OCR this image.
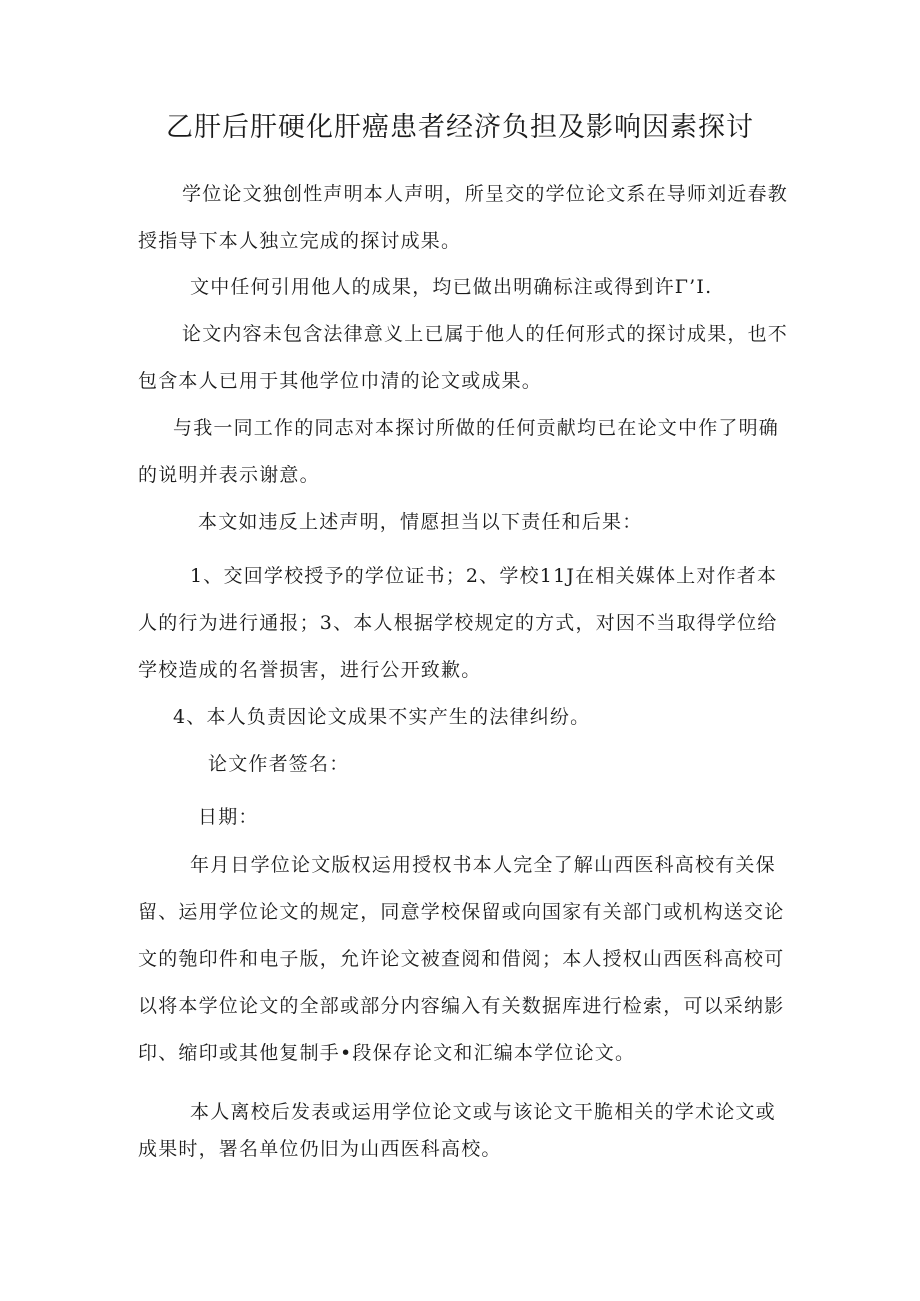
乙肝后肝硬化肝癌患者经济负担及影响因素探讨

学位论文独创性声明本人声明，所呈交的学位论文系在导师刘近春教授指导下本人独立完成的探讨成果。

文中任何引用他人的成果，均已做出明确标注或得到许Γ’I.

论文内容未包含法律意义上已属于他人的任何形式的探讨成果，也不包含本人已用于其他学位巾清的论文或成果。

与我一同工作的同志对本探讨所做的任何贡献均已在论文中作了明确的说明并表示谢意。

本文如违反上述声明，情愿担当以下责任和后果：

1、交回学校授予的学位证书；2、学校11J在相关媒体上对作者本人的行为进行通报；3、本人根据学校规定的方式，对因不当取得学位给学校造成的名誉损害，进行公开致歉。

4、本人负责因论文成果不实产生的法律纠纷。

论文作者签名：

日期：

年月日学位论文版权运用授权书本人完全了解山西医科高校有关保留、运用学位论文的规定，同意学校保留或向国家有关部门或机构送交论文的匏印件和电子版，允许论文被查阅和借阅；本人授权山西医科高校可以将本学位论文的全部或部分内容编入有关数据库进行检索，可以采纳影印、缩印或其他复制手•段保存论文和汇编本学位论文。

本人离校后发表或运用学位论文或与该论文干脆相关的学术论文或成果时，署名单位仍旧为山西医科高校。
